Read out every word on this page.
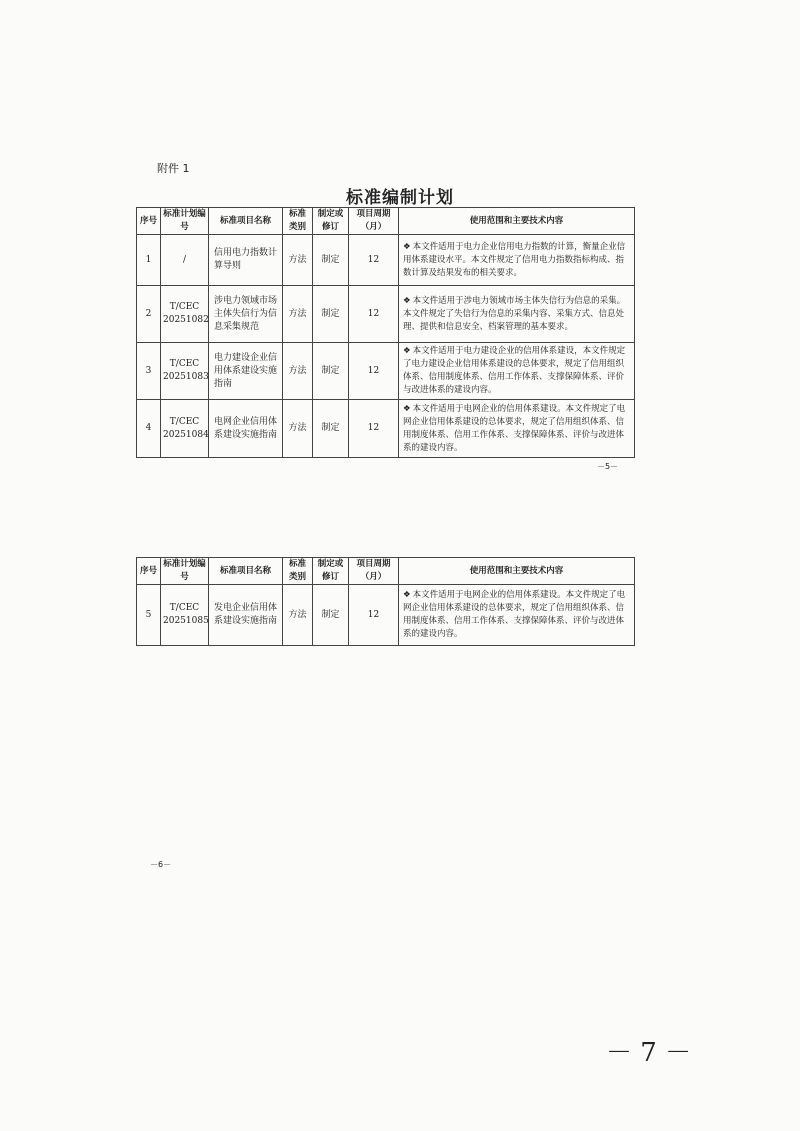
附件 1
标准编制计划
序号	标准计划编号	标准项目名称	标准类别	制定或修订	项目周期（月）	使用范围和主要技术内容
1	/	信用电力指数计算导则	方法	制定	12	❖ 本文件适用于电力企业信用电力指数的计算，衡量企业信用体系建设水平。本文件规定了信用电力指数指标构成、指数计算及结果发布的相关要求。
2	T/CEC 20251082	涉电力领域市场主体失信行为信息采集规范	方法	制定	12	❖ 本文件适用于涉电力领域市场主体失信行为信息的采集。本文件规定了失信行为信息的采集内容、采集方式、信息处理、提供和信息安全、档案管理的基本要求。
3	T/CEC 20251083	电力建设企业信用体系建设实施指南	方法	制定	12	❖ 本文件适用于电力建设企业的信用体系建设，本文件规定了电力建设企业信用体系建设的总体要求，规定了信用组织体系、信用制度体系、信用工作体系、支撑保障体系、评价与改进体系的建设内容。
4	T/CEC 20251084	电网企业信用体系建设实施指南	方法	制定	12	❖ 本文件适用于电网企业的信用体系建设。本文件规定了电网企业信用体系建设的总体要求，规定了信用组织体系、信用制度体系、信用工作体系、支撑保障体系、评价与改进体系的建设内容。
－5－
序号	标准计划编号	标准项目名称	标准类别	制定或修订	项目周期（月）	使用范围和主要技术内容
5	T/CEC 20251085	发电企业信用体系建设实施指南	方法	制定	12	❖ 本文件适用于电网企业的信用体系建设。本文件规定了电网企业信用体系建设的总体要求，规定了信用组织体系、信用制度体系、信用工作体系、支撑保障体系、评价与改进体系的建设内容。
－6－
－ 7 －
